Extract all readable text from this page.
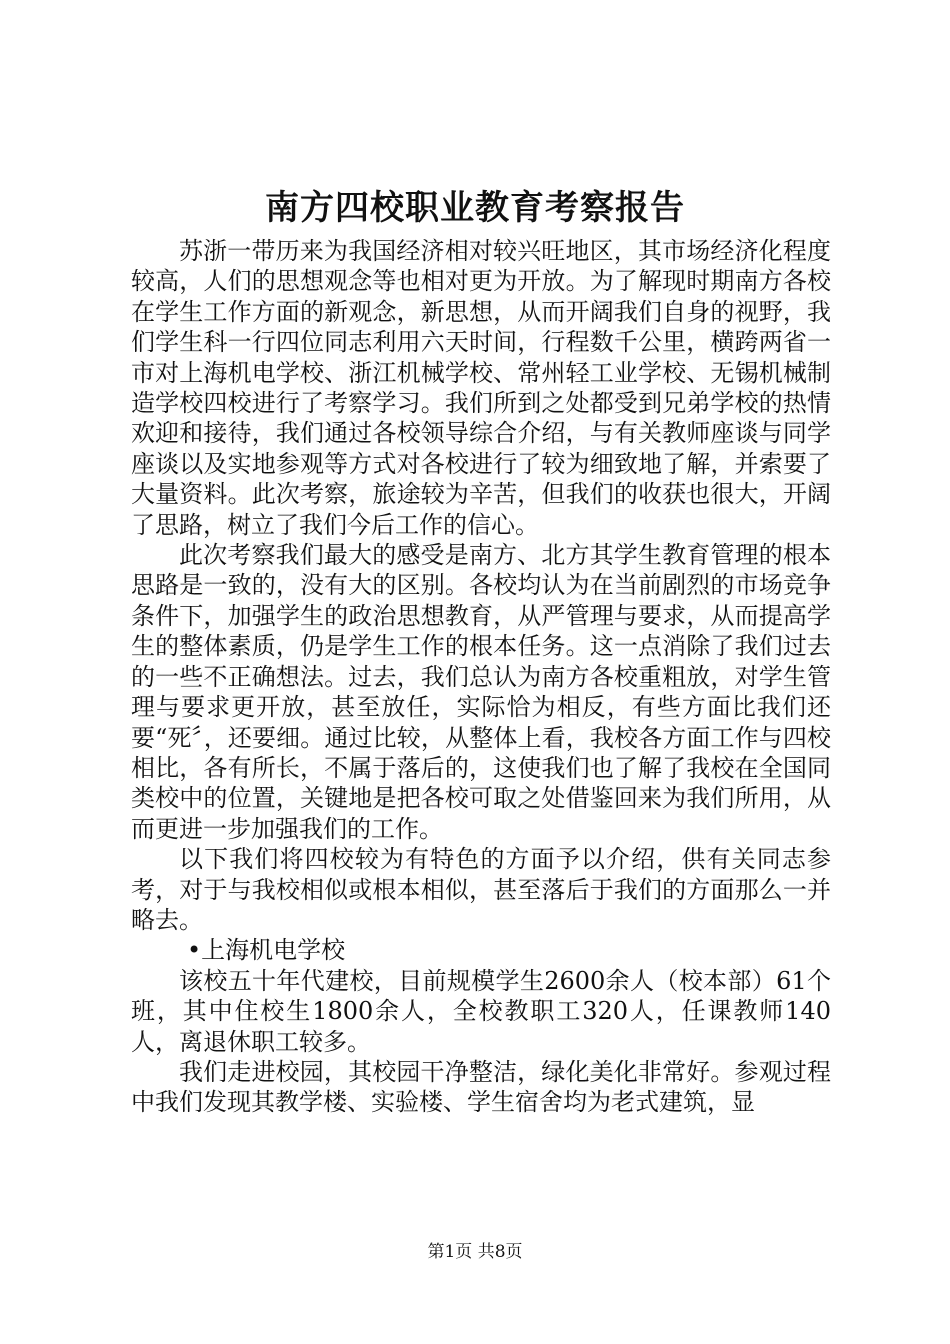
南方四校职业教育考察报告

苏浙一带历来为我国经济相对较兴旺地区，其市场经济化程度较高，人们的思想观念等也相对更为开放。为了解现时期南方各校在学生工作方面的新观念，新思想，从而开阔我们自身的视野，我们学生科一行四位同志利用六天时间，行程数千公里，横跨两省一市对上海机电学校、浙江机械学校、常州轻工业学校、无锡机械制造学校四校进行了考察学习。我们所到之处都受到兄弟学校的热情欢迎和接待，我们通过各校领导综合介绍，与有关教师座谈与同学座谈以及实地参观等方式对各校进行了较为细致地了解，并索要了大量资料。此次考察，旅途较为辛苦，但我们的收获也很大，开阔了思路，树立了我们今后工作的信心。

此次考察我们最大的感受是南方、北方其学生教育管理的根本思路是一致的，没有大的区别。各校均认为在当前剧烈的市场竞争条件下，加强学生的政治思想教育，从严管理与要求，从而提高学生的整体素质，仍是学生工作的根本任务。这一点消除了我们过去的一些不正确想法。过去，我们总认为南方各校重粗放，对学生管理与要求更开放，甚至放任，实际恰为相反，有些方面比我们还要“死〞，还要细。通过比较，从整体上看，我校各方面工作与四校相比，各有所长，不属于落后的，这使我们也了解了我校在全国同类校中的位置，关键地是把各校可取之处借鉴回来为我们所用，从而更进一步加强我们的工作。

以下我们将四校较为有特色的方面予以介绍，供有关同志参考，对于与我校相似或根本相似，甚至落后于我们的方面那么一并略去。

•上海机电学校

该校五十年代建校，目前规模学生2600余人（校本部）61个班，其中住校生1800余人，全校教职工320人，任课教师140人，离退休职工较多。

我们走进校园，其校园干净整洁，绿化美化非常好。参观过程中我们发现其教学楼、实验楼、学生宿舍均为老式建筑，显

第1页 共8页
